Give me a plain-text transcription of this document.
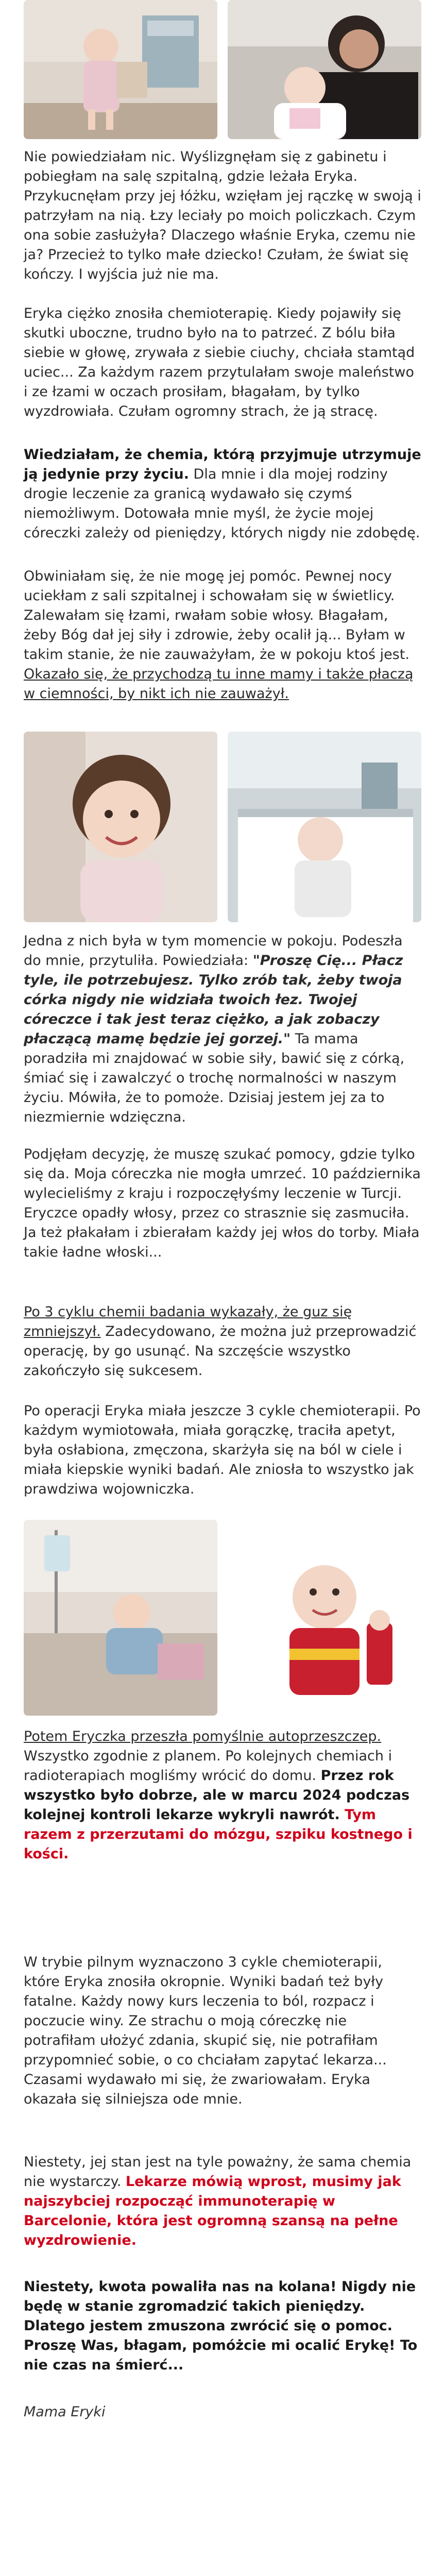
Nie powiedziałam nic. Wyślizgnęłam się z gabinetu i pobiegłam na salę szpitalną, gdzie leżała Eryka. Przykucnęłam przy jej łóżku, wzięłam jej rączkę w swoją i patrzyłam na nią. Łzy leciały po moich policzkach. Czym ona sobie zasłużyła? Dlaczego właśnie Eryka, czemu nie ja? Przecież to tylko małe dziecko! Czułam, że świat się kończy. I wyjścia już nie ma.

Eryka ciężko znosiła chemioterapię. Kiedy pojawiły się skutki uboczne, trudno było na to patrzeć. Z bólu biła siebie w głowę, zrywała z siebie ciuchy, chciała stamtąd uciec... Za każdym razem przytulałam swoje maleństwo i ze łzami w oczach prosiłam, błagałam, by tylko wyzdrowiała. Czułam ogromny strach, że ją stracę.

Wiedziałam, że chemia, którą przyjmuje utrzymuje ją jedynie przy życiu. Dla mnie i dla mojej rodziny drogie leczenie za granicą wydawało się czymś niemożliwym. Dotowała mnie myśl, że życie mojej córeczki zależy od pieniędzy, których nigdy nie zdobędę.

Obwiniałam się, że nie mogę jej pomóc. Pewnej nocy uciekłam z sali szpitalnej i schowałam się w świetlicy. Zalewałam się łzami, rwałam sobie włosy. Błagałam, żeby Bóg dał jej siły i zdrowie, żeby ocalił ją... Byłam w takim stanie, że nie zauważyłam, że w pokoju ktoś jest. Okazało się, że przychodzą tu inne mamy i także płaczą w ciemności, by nikt ich nie zauważył.

Jedna z nich była w tym momencie w pokoju. Podeszła do mnie, przytuliła. Powiedziała: "Proszę Cię... Płacz tyle, ile potrzebujesz. Tylko zrób tak, żeby twoja córka nigdy nie widziała twoich łez. Twojej córeczce i tak jest teraz ciężko, a jak zobaczy płaczącą mamę będzie jej gorzej." Ta mama poradziła mi znajdować w sobie siły, bawić się z córką, śmiać się i zawalczyć o trochę normalności w naszym życiu. Mówiła, że to pomoże. Dzisiaj jestem jej za to niezmiernie wdzięczna.

Podjęłam decyzję, że muszę szukać pomocy, gdzie tylko się da. Moja córeczka nie mogła umrzeć. 10 października wylecieliśmy z kraju i rozpoczęłyśmy leczenie w Turcji. Eryczce opadły włosy, przez co strasznie się zasmuciła. Ja też płakałam i zbierałam każdy jej włos do torby. Miała takie ładne włoski...

Po 3 cyklu chemii badania wykazały, że guz się zmniejszył. Zadecydowano, że można już przeprowadzić operację, by go usunąć. Na szczęście wszystko zakończyło się sukcesem.

Po operacji Eryka miała jeszcze 3 cykle chemioterapii. Po każdym wymiotowała, miała gorączkę, traciła apetyt, była osłabiona, zmęczona, skarżyła się na ból w ciele i miała kiepskie wyniki badań. Ale zniosła to wszystko jak prawdziwa wojowniczka.

Potem Eryczka przeszła pomyślnie autoprzeszczep. Wszystko zgodnie z planem. Po kolejnych chemiach i radioterapiach mogliśmy wrócić do domu. Przez rok wszystko było dobrze, ale w marcu 2024 podczas kolejnej kontroli lekarze wykryli nawrót. Tym razem z przerzutami do mózgu, szpiku kostnego i kości.

W trybie pilnym wyznaczono 3 cykle chemioterapii, które Eryka znosiła okropnie. Wyniki badań też były fatalne. Każdy nowy kurs leczenia to ból, rozpacz i poczucie winy. Ze strachu o moją córeczkę nie potrafiłam ułożyć zdania, skupić się, nie potrafiłam przypomnieć sobie, o co chciałam zapytać lekarza... Czasami wydawało mi się, że zwariowałam. Eryka okazała się silniejsza ode mnie.

Niestety, jej stan jest na tyle poważny, że sama chemia nie wystarczy. Lekarze mówią wprost, musimy jak najszybciej rozpocząć immunoterapię w Barcelonie, która jest ogromną szansą na pełne wyzdrowienie.

Niestety, kwota powaliła nas na kolana! Nigdy nie będę w stanie zgromadzić takich pieniędzy. Dlatego jestem zmuszona zwrócić się o pomoc. Proszę Was, błagam, pomóżcie mi ocalić Erykę! To nie czas na śmierć...

Mama Eryki
